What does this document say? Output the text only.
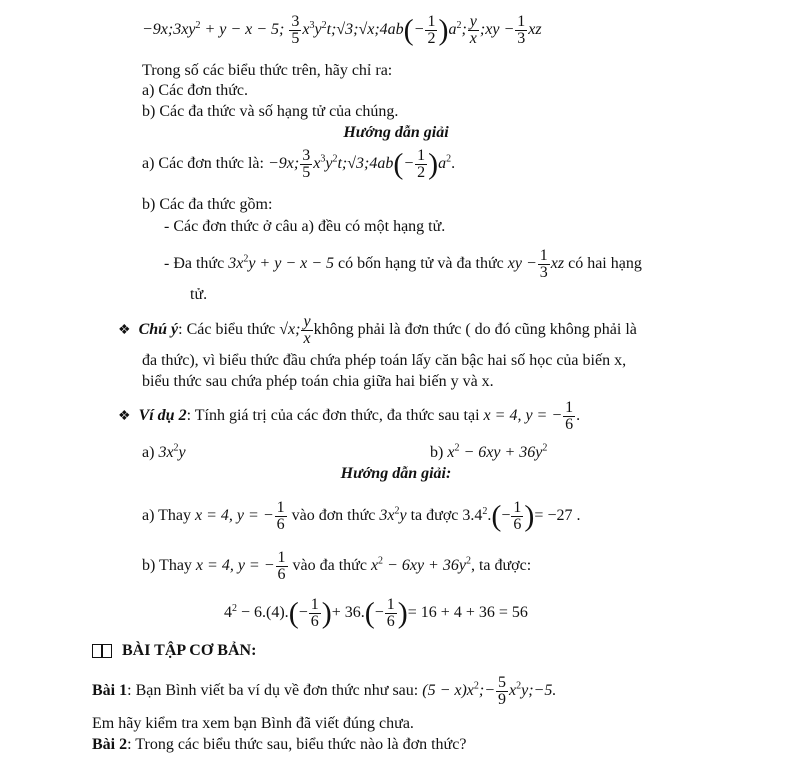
$-9x;3xy^2 + y - x - 5$; $\frac{3}{5}$ $x^3y^2t;√3;√x;4ab(- \frac{1}{2} )a^2$; $\frac{y}{x}$ ;xy − $\frac{1}{3}$ xz
Trong số các biểu thức trên, hãy chỉ ra:
a) Các đơn thức.
b) Các đa thức và số hạng tử của chúng.
Hướng dẫn giải
a) Các đơn thức là: −9x; $\frac{3}{5}$ $x^3y^2t;√3;4ab(- \frac{1}{2} )a^2$.
b) Các đa thức gồm:
- Các đơn thức ở câu a) đều có một hạng tử.
- Đa thức $3x^2y + y - x - 5$ có bốn hạng tử và đa thức xy − $\frac{1}{3}$ xz có hai hạng
tử.
❖ Chú ý: Các biểu thức √x; $\frac{y}{x}$ không phải là đơn thức ( do đó cũng không phải là
đa thức), vì biểu thức đầu chứa phép toán lấy căn bậc hai số học của biến x,
biểu thức sau chứa phép toán chia giữa hai biến y và x.
❖ Ví dụ 2: Tính giá trị của các đơn thức, đa thức sau tại x = 4, y = − $\frac{1}{6}$ .
a) $3x^2y$	b) $x^2 - 6xy + 36y^2$
Hướng dẫn giải:
a) Thay x = 4, y = − $\frac{1}{6}$ vào đơn thức $3x^2y$ ta được $3.4^2.(- \frac{1}{6}$ )= −27 .
b) Thay x = 4, y = − $\frac{1}{6}$ vào đa thức $x^2 - 6xy + 36y^2$, ta được:
$4^2 - 6.(4).(- \frac{1}{6}$ )+ $36.(- \frac{1}{6}$ )= 16 + 4 + 36 = 56
BÀI TẬP CƠ BẢN:
Bài 1: Bạn Bình viết ba ví dụ về đơn thức như sau: $(5 - x)x^2;- \frac{5}{9}$ $x^2y;-5$.
Em hãy kiểm tra xem bạn Bình đã viết đúng chưa.
Bài 2: Trong các biểu thức sau, biểu thức nào là đơn thức?
